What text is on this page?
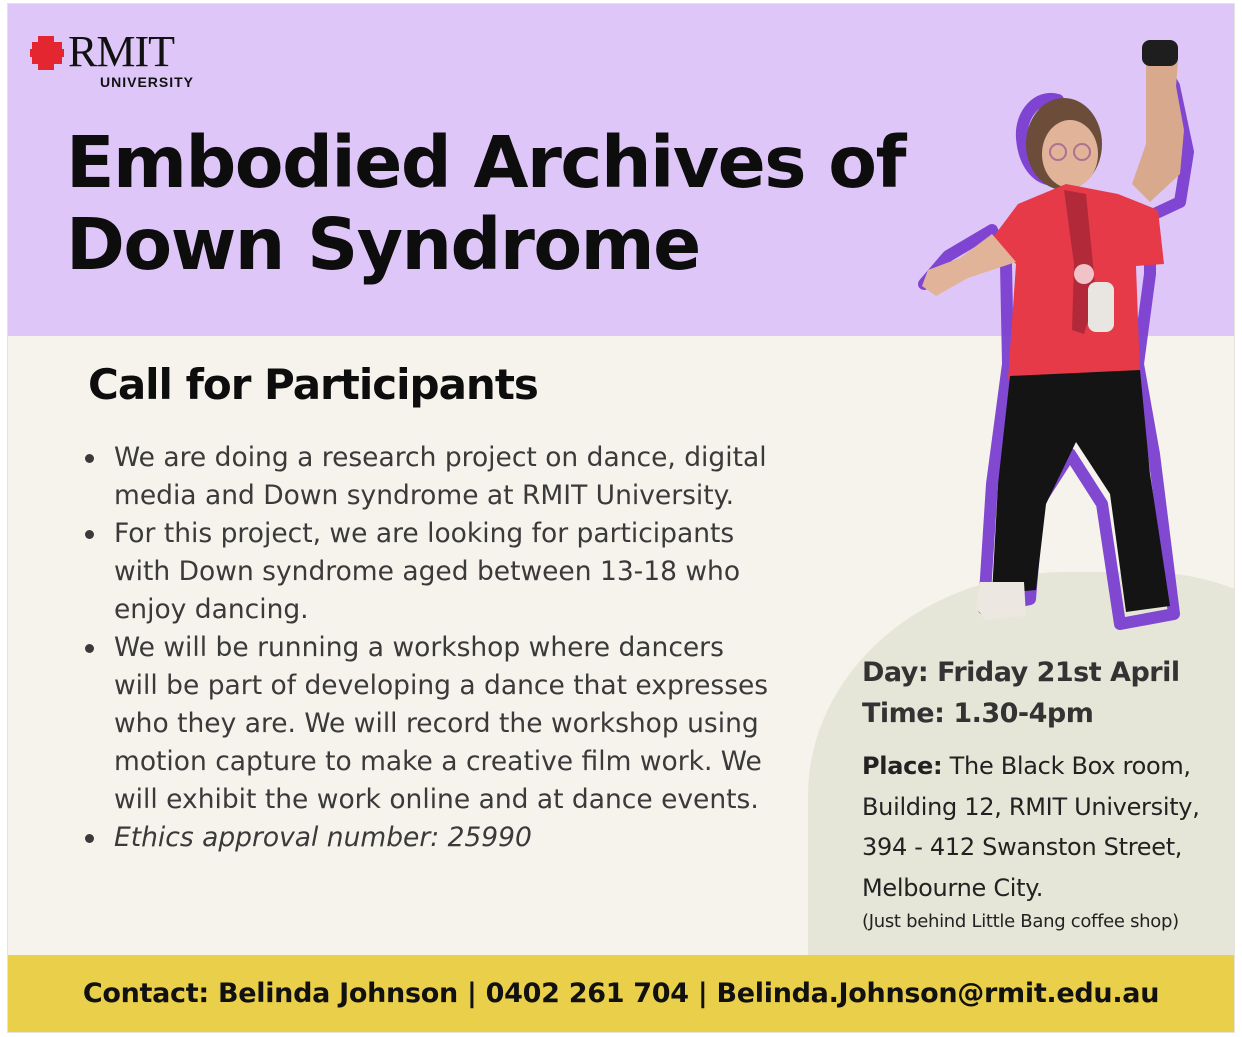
RMIT
UNIVERSITY
Embodied Archives of
Down Syndrome
Call for Participants
We are doing a research project on dance, digital media and Down syndrome at RMIT University.
For this project, we are looking for participants with Down syndrome aged between 13-18 who enjoy dancing.
We will be running a workshop where dancers will be part of developing a dance that expresses who they are. We will record the workshop using motion capture to make a creative film work. We will exhibit the work online and at dance events.
Ethics approval number: 25990
Day: Friday 21st April
Time: 1.30-4pm
Place: The Black Box room, Building 12, RMIT University, 394 - 412 Swanston Street, Melbourne City.
(Just behind Little Bang coffee shop)
Contact: Belinda Johnson | 0402 261 704 | Belinda.Johnson@rmit.edu.au
